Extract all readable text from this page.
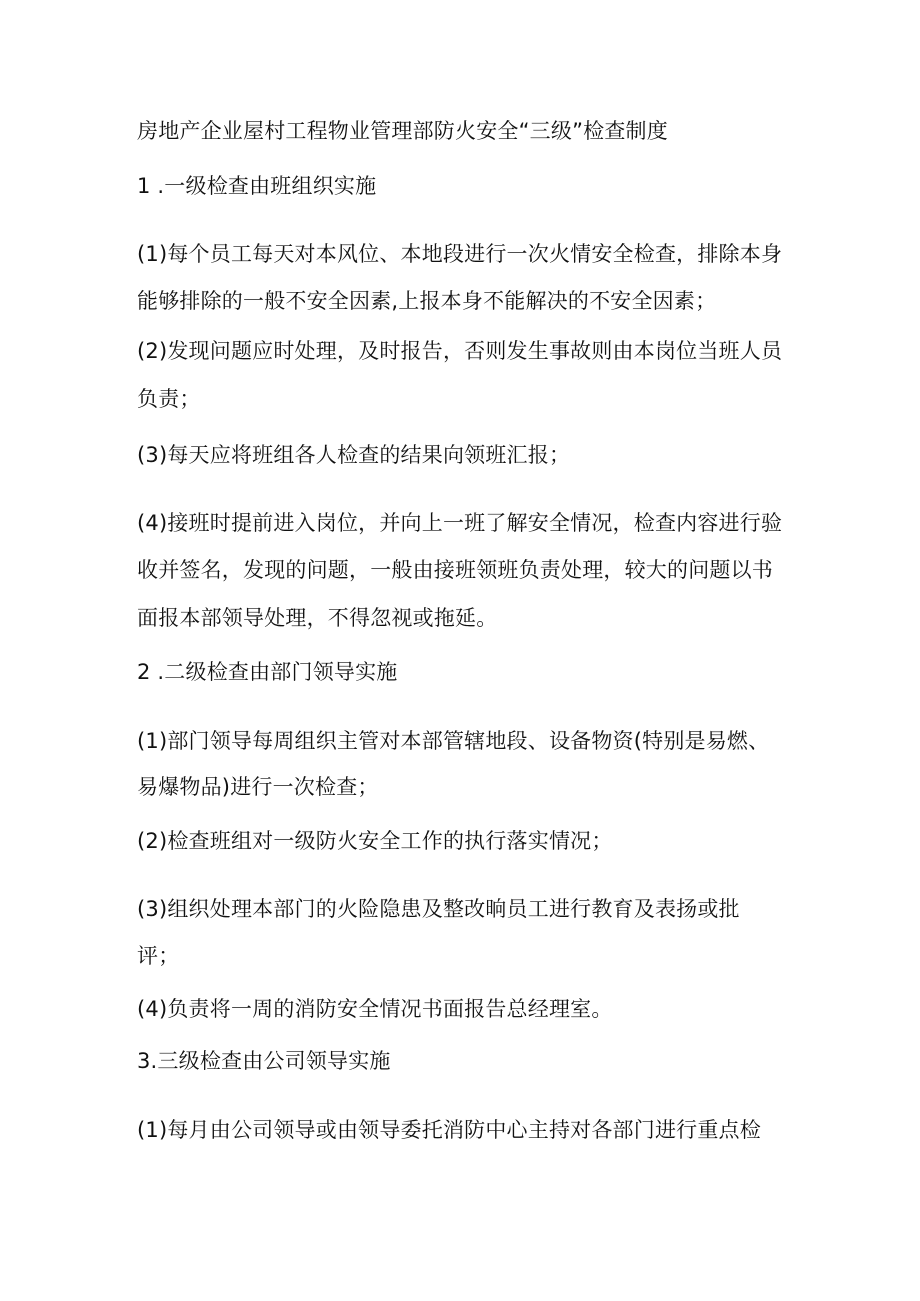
房地产企业屋村工程物业管理部防火安全“三级”检查制度
1 .一级检查由班组织实施
(1)每个员工每天对本风位、本地段进行一次火情安全检查，排除本身
能够排除的一般不安全因素,上报本身不能解决的不安全因素；
(2)发现问题应时处理，及时报告，否则发生事故则由本岗位当班人员
负责；
(3)每天应将班组各人检查的结果向领班汇报；
(4)接班时提前进入岗位，并向上一班了解安全情况，检查内容进行验
收并签名，发现的问题，一般由接班领班负责处理，较大的问题以书
面报本部领导处理，不得忽视或拖延。
2 .二级检查由部门领导实施
(1)部门领导每周组织主管对本部管辖地段、设备物资(特别是易燃、
易爆物品)进行一次检查；
(2)检查班组对一级防火安全工作的执行落实情况；
(3)组织处理本部门的火险隐患及整改晌员工进行教育及表扬或批
评；
(4)负责将一周的消防安全情况书面报告总经理室。
3.三级检查由公司领导实施
(1)每月由公司领导或由领导委托消防中心主持对各部门进行重点检
